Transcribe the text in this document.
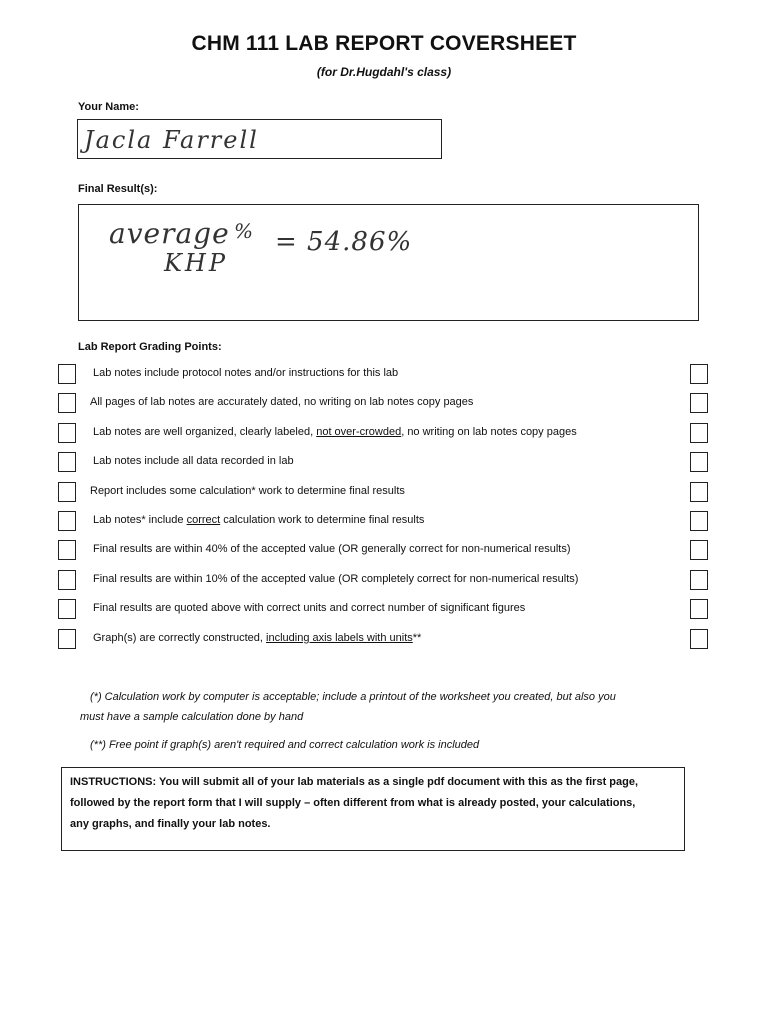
CHM 111 LAB REPORT COVERSHEET
(for Dr.Hugdahl's class)
Your Name:
Jacla Farrell
Final Result(s):
average %
KHP
= 54.86%
Lab Report Grading Points:
Lab notes include protocol notes and/or instructions for this lab
All pages of lab notes are accurately dated, no writing on lab notes copy pages
Lab notes are well organized, clearly labeled, not over-crowded, no writing on lab notes copy pages
Lab notes include all data recorded in lab
Report includes some calculation* work to determine final results
Lab notes* include correct calculation work to determine final results
Final results are within 40% of the accepted value (OR generally correct for non-numerical results)
Final results are within 10% of the accepted value (OR completely correct for non-numerical results)
Final results are quoted above with correct units and correct number of significant figures
Graph(s) are correctly constructed, including axis labels with units**
(*) Calculation work by computer is acceptable; include a printout of the worksheet you created, but also you
must have a sample calculation done by hand
(**) Free point if graph(s) aren't required and correct calculation work is included
INSTRUCTIONS: You will submit all of your lab materials as a single pdf document with this as the first page,
followed by the report form that I will supply – often different from what is already posted, your calculations,
any graphs, and finally your lab notes.
